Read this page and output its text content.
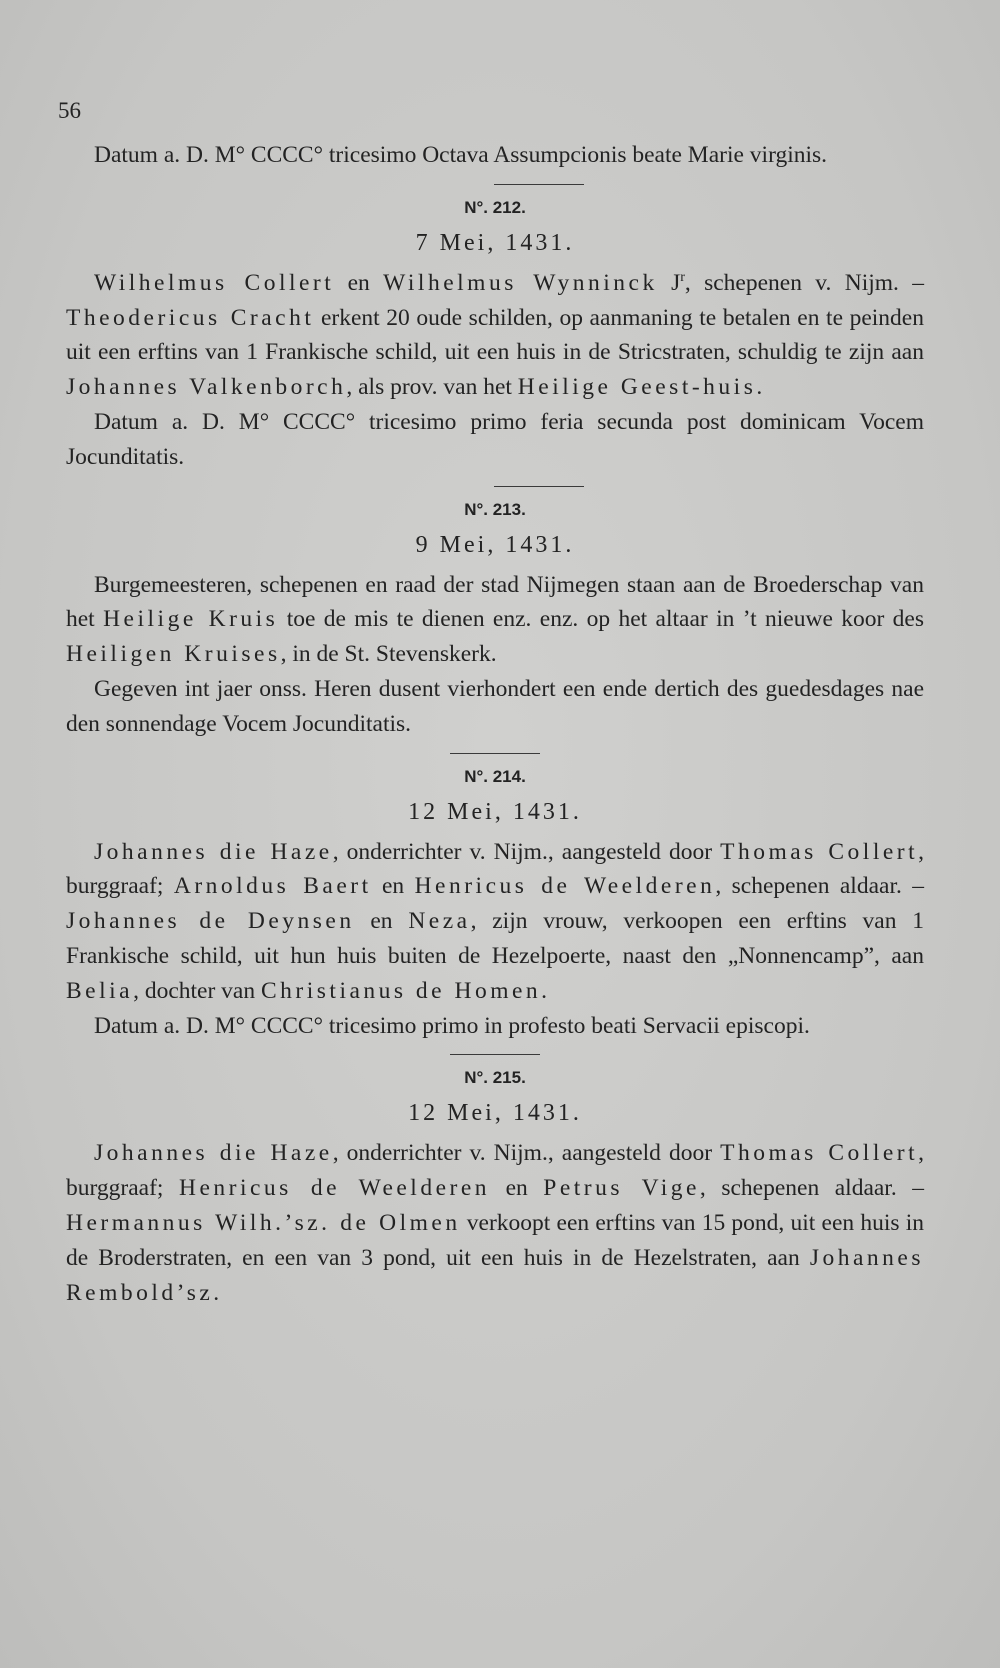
56

Datum a. D. M° CCCC° tricesimo Octava Assumpcionis beate Marie virginis.

N°. 212.
7 Mei, 1431.

Wilhelmus Collert en Wilhelmus Wynninck $J^r$, schepenen v. Nijm. – Theodericus Cracht erkent 20 oude schilden, op aanmaning te betalen en te peinden uit een erftins van 1 Frankische schild, uit een huis in de Stricstraten, schuldig te zijn aan Johannes Valkenborch, als prov. van het Heilige Geest-huis.

Datum a. D. M° CCCC° tricesimo primo feria secunda post dominicam Vocem Jocunditatis.

N°. 213.
9 Mei, 1431.

Burgemeesteren, schepenen en raad der stad Nijmegen staan aan de Broederschap van het Heilige Kruis toe de mis te dienen enz. enz. op het altaar in ’t nieuwe koor des Heiligen Kruises, in de St. Stevenskerk.

Gegeven int jaer onss. Heren dusent vierhondert een ende dertich des guedesdages nae den sonnendage Vocem Jocunditatis.

N°. 214.
12 Mei, 1431.

Johannes die Haze, onderrichter v. Nijm., aangesteld door Thomas Collert, burggraaf; Arnoldus Baert en Henricus de Weelderen, schepenen aldaar. – Johannes de Deynsen en Neza, zijn vrouw, verkoopen een erftins van 1 Frankische schild, uit hun huis buiten de Hezelpoerte, naast den „Nonnencamp”, aan Belia, dochter van Christianus de Homen.

Datum a. D. M° CCCC° tricesimo primo in profesto beati Servacii episcopi.

N°. 215.
12 Mei, 1431.

Johannes die Haze, onderrichter v. Nijm., aangesteld door Thomas Collert, burggraaf; Henricus de Weelderen en Petrus Vige, schepenen aldaar. – Hermannus Wilh.’sz. de Olmen verkoopt een erftins van 15 pond, uit een huis in de Broderstraten, en een van 3 pond, uit een huis in de Hezelstraten, aan Johannes Rembold’sz.
